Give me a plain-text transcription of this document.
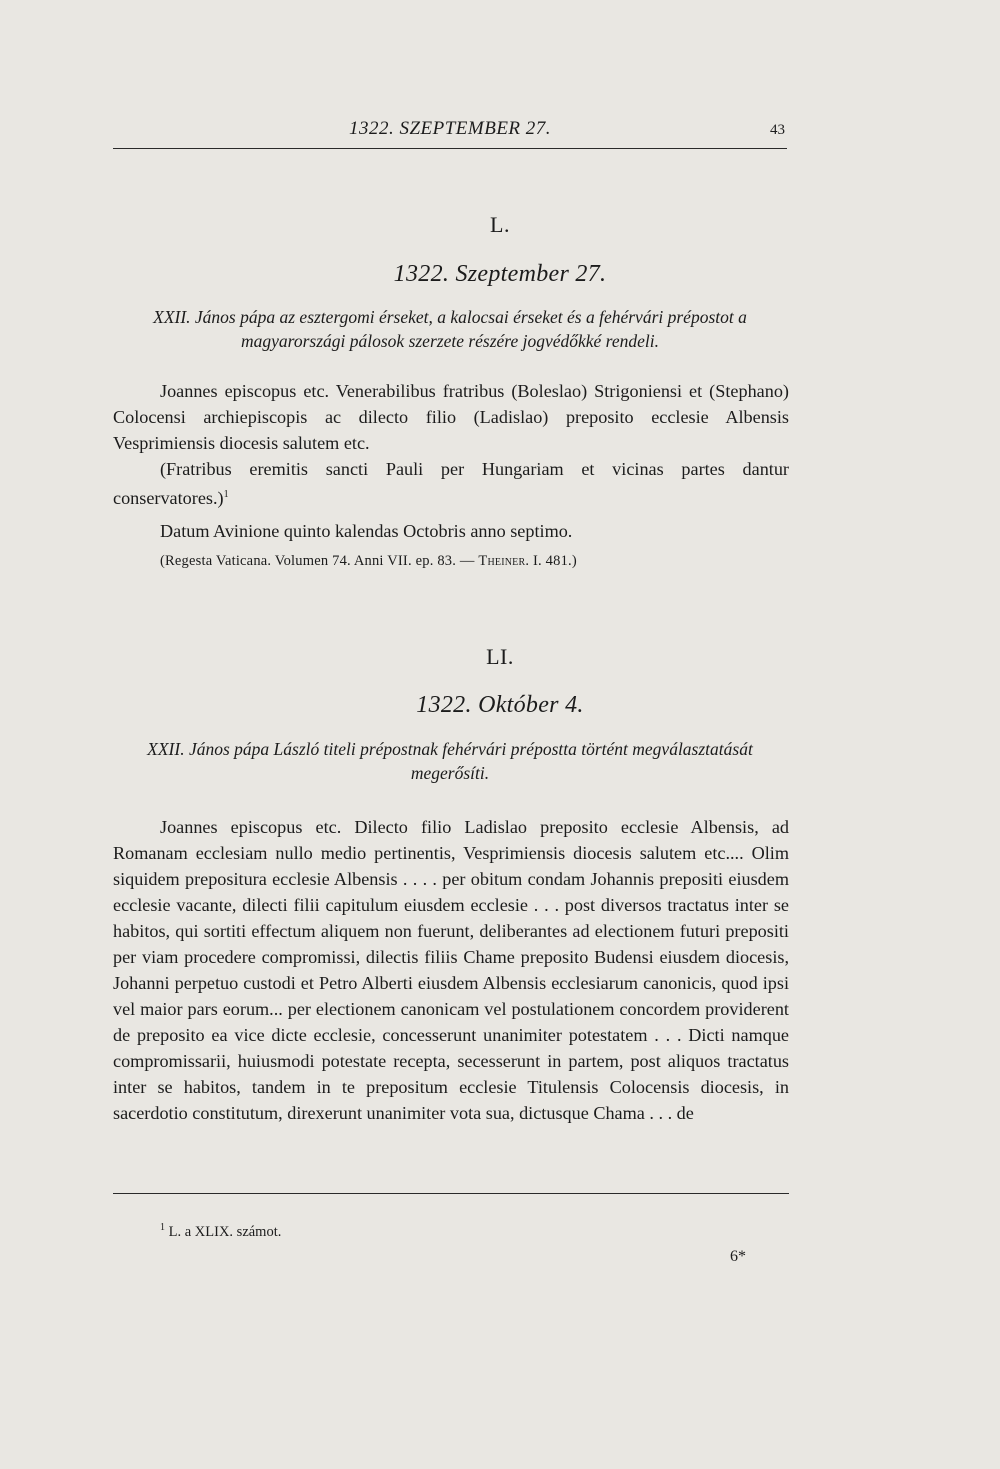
1322. SZEPTEMBER 27.	43
L.
1322. Szeptember 27.
XXII. János pápa az esztergomi érseket, a kalocsai érseket és a fehérvári prépostot a
magyarországi pálosok szerzete részére jogvédőkké rendeli.

Joannes episcopus etc. Venerabilibus fratribus (Boleslao) Strigoniensi et (Stephano) Colocensi archiepiscopis ac dilecto filio (Ladislao) preposito ecclesie Albensis Vesprimiensis diocesis salutem etc.

(Fratribus eremitis sancti Pauli per Hungariam et vicinas partes dantur conservatores.)$^1$

Datum Avinione quinto kalendas Octobris anno septimo.

(Regesta Vaticana. Volumen 74. Anni VII. ep. 83. — Theiner. I. 481.)
LI.
1322. Október 4.
XXII. János pápa László titeli prépostnak fehérvári prépostta történt megválasztatását
megerősíti.

Joannes episcopus etc. Dilecto filio Ladislao preposito ecclesie Albensis, ad Romanam ecclesiam nullo medio pertinentis, Vesprimiensis diocesis salutem etc.... Olim siquidem prepositura ecclesie Albensis . . . . per obitum condam Johannis prepositi eiusdem ecclesie vacante, dilecti filii capitulum eiusdem ecclesie . . . post diversos tractatus inter se habitos, qui sortiti effectum aliquem non fuerunt, deliberantes ad electionem futuri prepositi per viam procedere compromissi, dilectis filiis Chame preposito Budensi eiusdem diocesis, Johanni perpetuo custodi et Petro Alberti eiusdem Albensis ecclesiarum canonicis, quod ipsi vel maior pars eorum... per electionem canonicam vel postulationem concordem providerent de preposito ea vice dicte ecclesie, concesserunt unanimiter potestatem . . . Dicti namque compromissarii, huiusmodi potestate recepta, secesserunt in partem, post aliquos tractatus inter se habitos, tandem in te prepositum ecclesie Titulensis Colocensis diocesis, in sacerdotio constitutum, direxerunt unanimiter vota sua, dictusque Chama . . . de

$^1$ L. a XLIX. számot.
6*
